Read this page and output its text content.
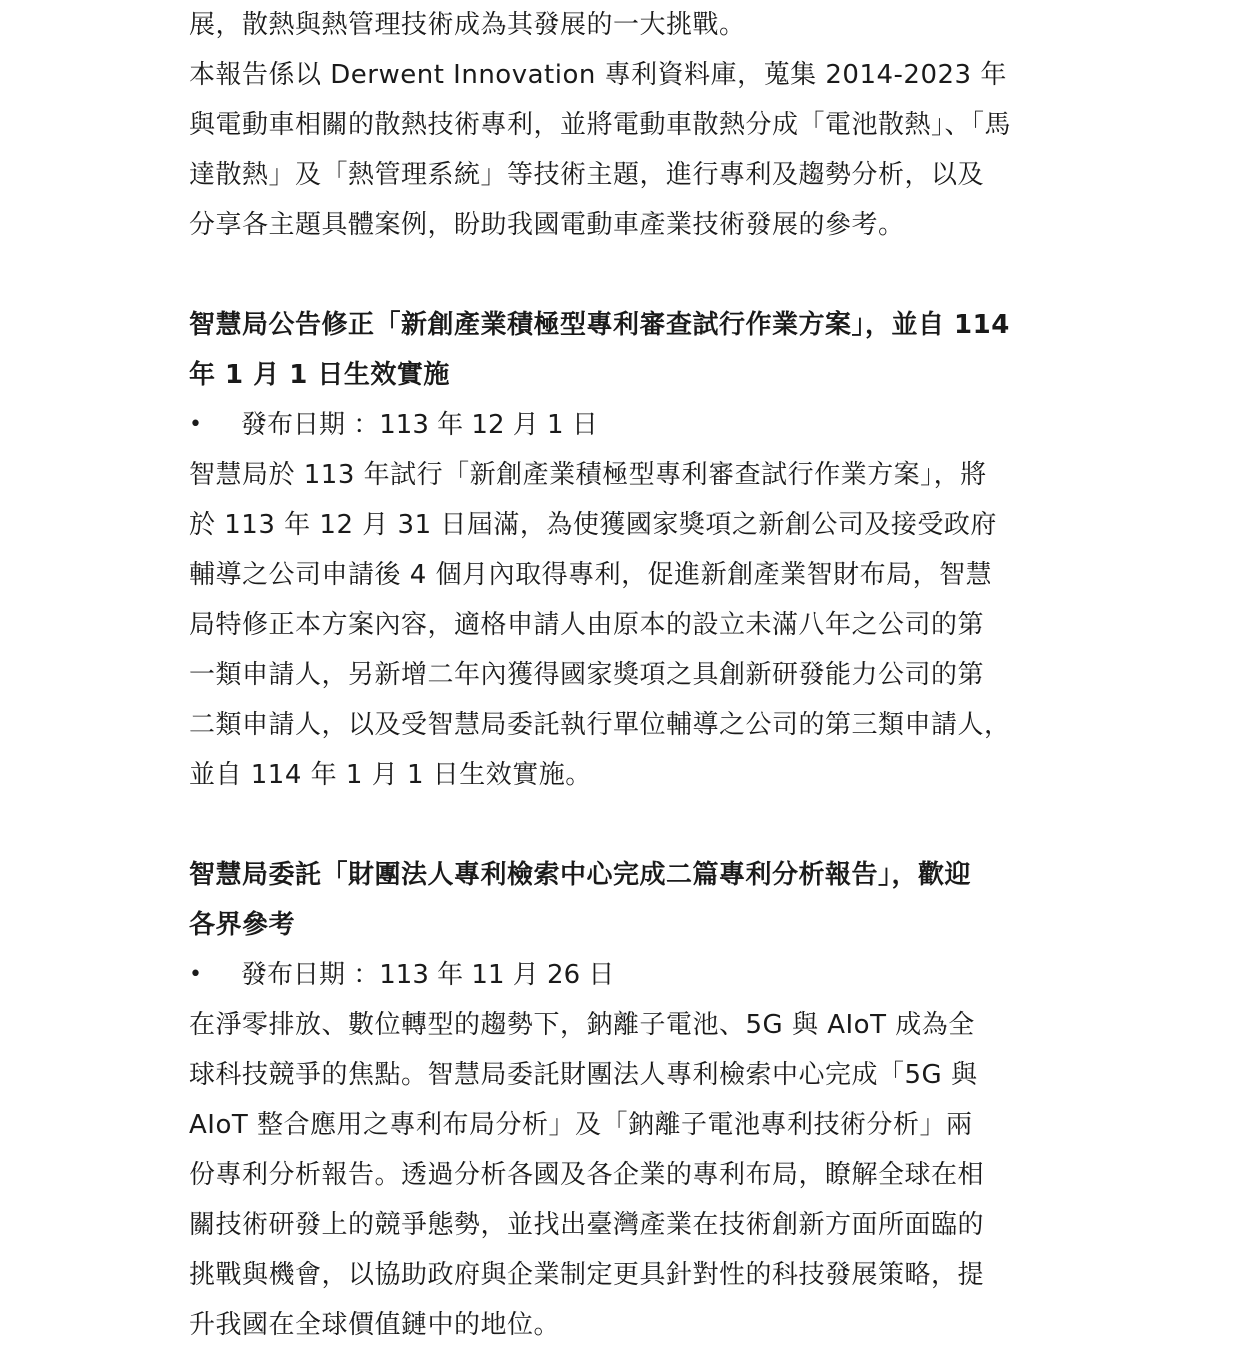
展，散熱與熱管理技術成為其發展的一大挑戰。
本報告係以 Derwent Innovation 專利資料庫，蒐集 2014-2023 年
與電動車相關的散熱技術專利，並將電動車散熱分成「電池散熱」、「馬
達散熱」及「熱管理系統」等技術主題，進行專利及趨勢分析，以及
分享各主題具體案例，盼助我國電動車產業技術發展的參考。
智慧局公告修正「新創產業積極型專利審查試行作業方案」，並自 114
年 1 月 1 日生效實施
• 發布日期 ：113 年 12 月 1 日
智慧局於 113 年試行「新創產業積極型專利審查試行作業方案」，將
於 113 年 12 月 31 日屆滿，為使獲國家獎項之新創公司及接受政府
輔導之公司申請後 4 個月內取得專利，促進新創產業智財布局，智慧
局特修正本方案內容，適格申請人由原本的設立未滿八年之公司的第
一類申請人，另新增二年內獲得國家獎項之具創新研發能力公司的第
二類申請人，以及受智慧局委託執行單位輔導之公司的第三類申請人，
並自 114 年 1 月 1 日生效實施。
智慧局委託「財團法人專利檢索中心完成二篇專利分析報告」，歡迎
各界參考
• 發布日期 ：113 年 11 月 26 日
在淨零排放、數位轉型的趨勢下，鈉離子電池、5G 與 AIoT 成為全
球科技競爭的焦點。智慧局委託財團法人專利檢索中心完成「5G 與
AIoT 整合應用之專利布局分析」及「鈉離子電池專利技術分析」兩
份專利分析報告。透過分析各國及各企業的專利布局，瞭解全球在相
關技術研發上的競爭態勢，並找出臺灣產業在技術創新方面所面臨的
挑戰與機會，以協助政府與企業制定更具針對性的科技發展策略，提
升我國在全球價值鏈中的地位。
